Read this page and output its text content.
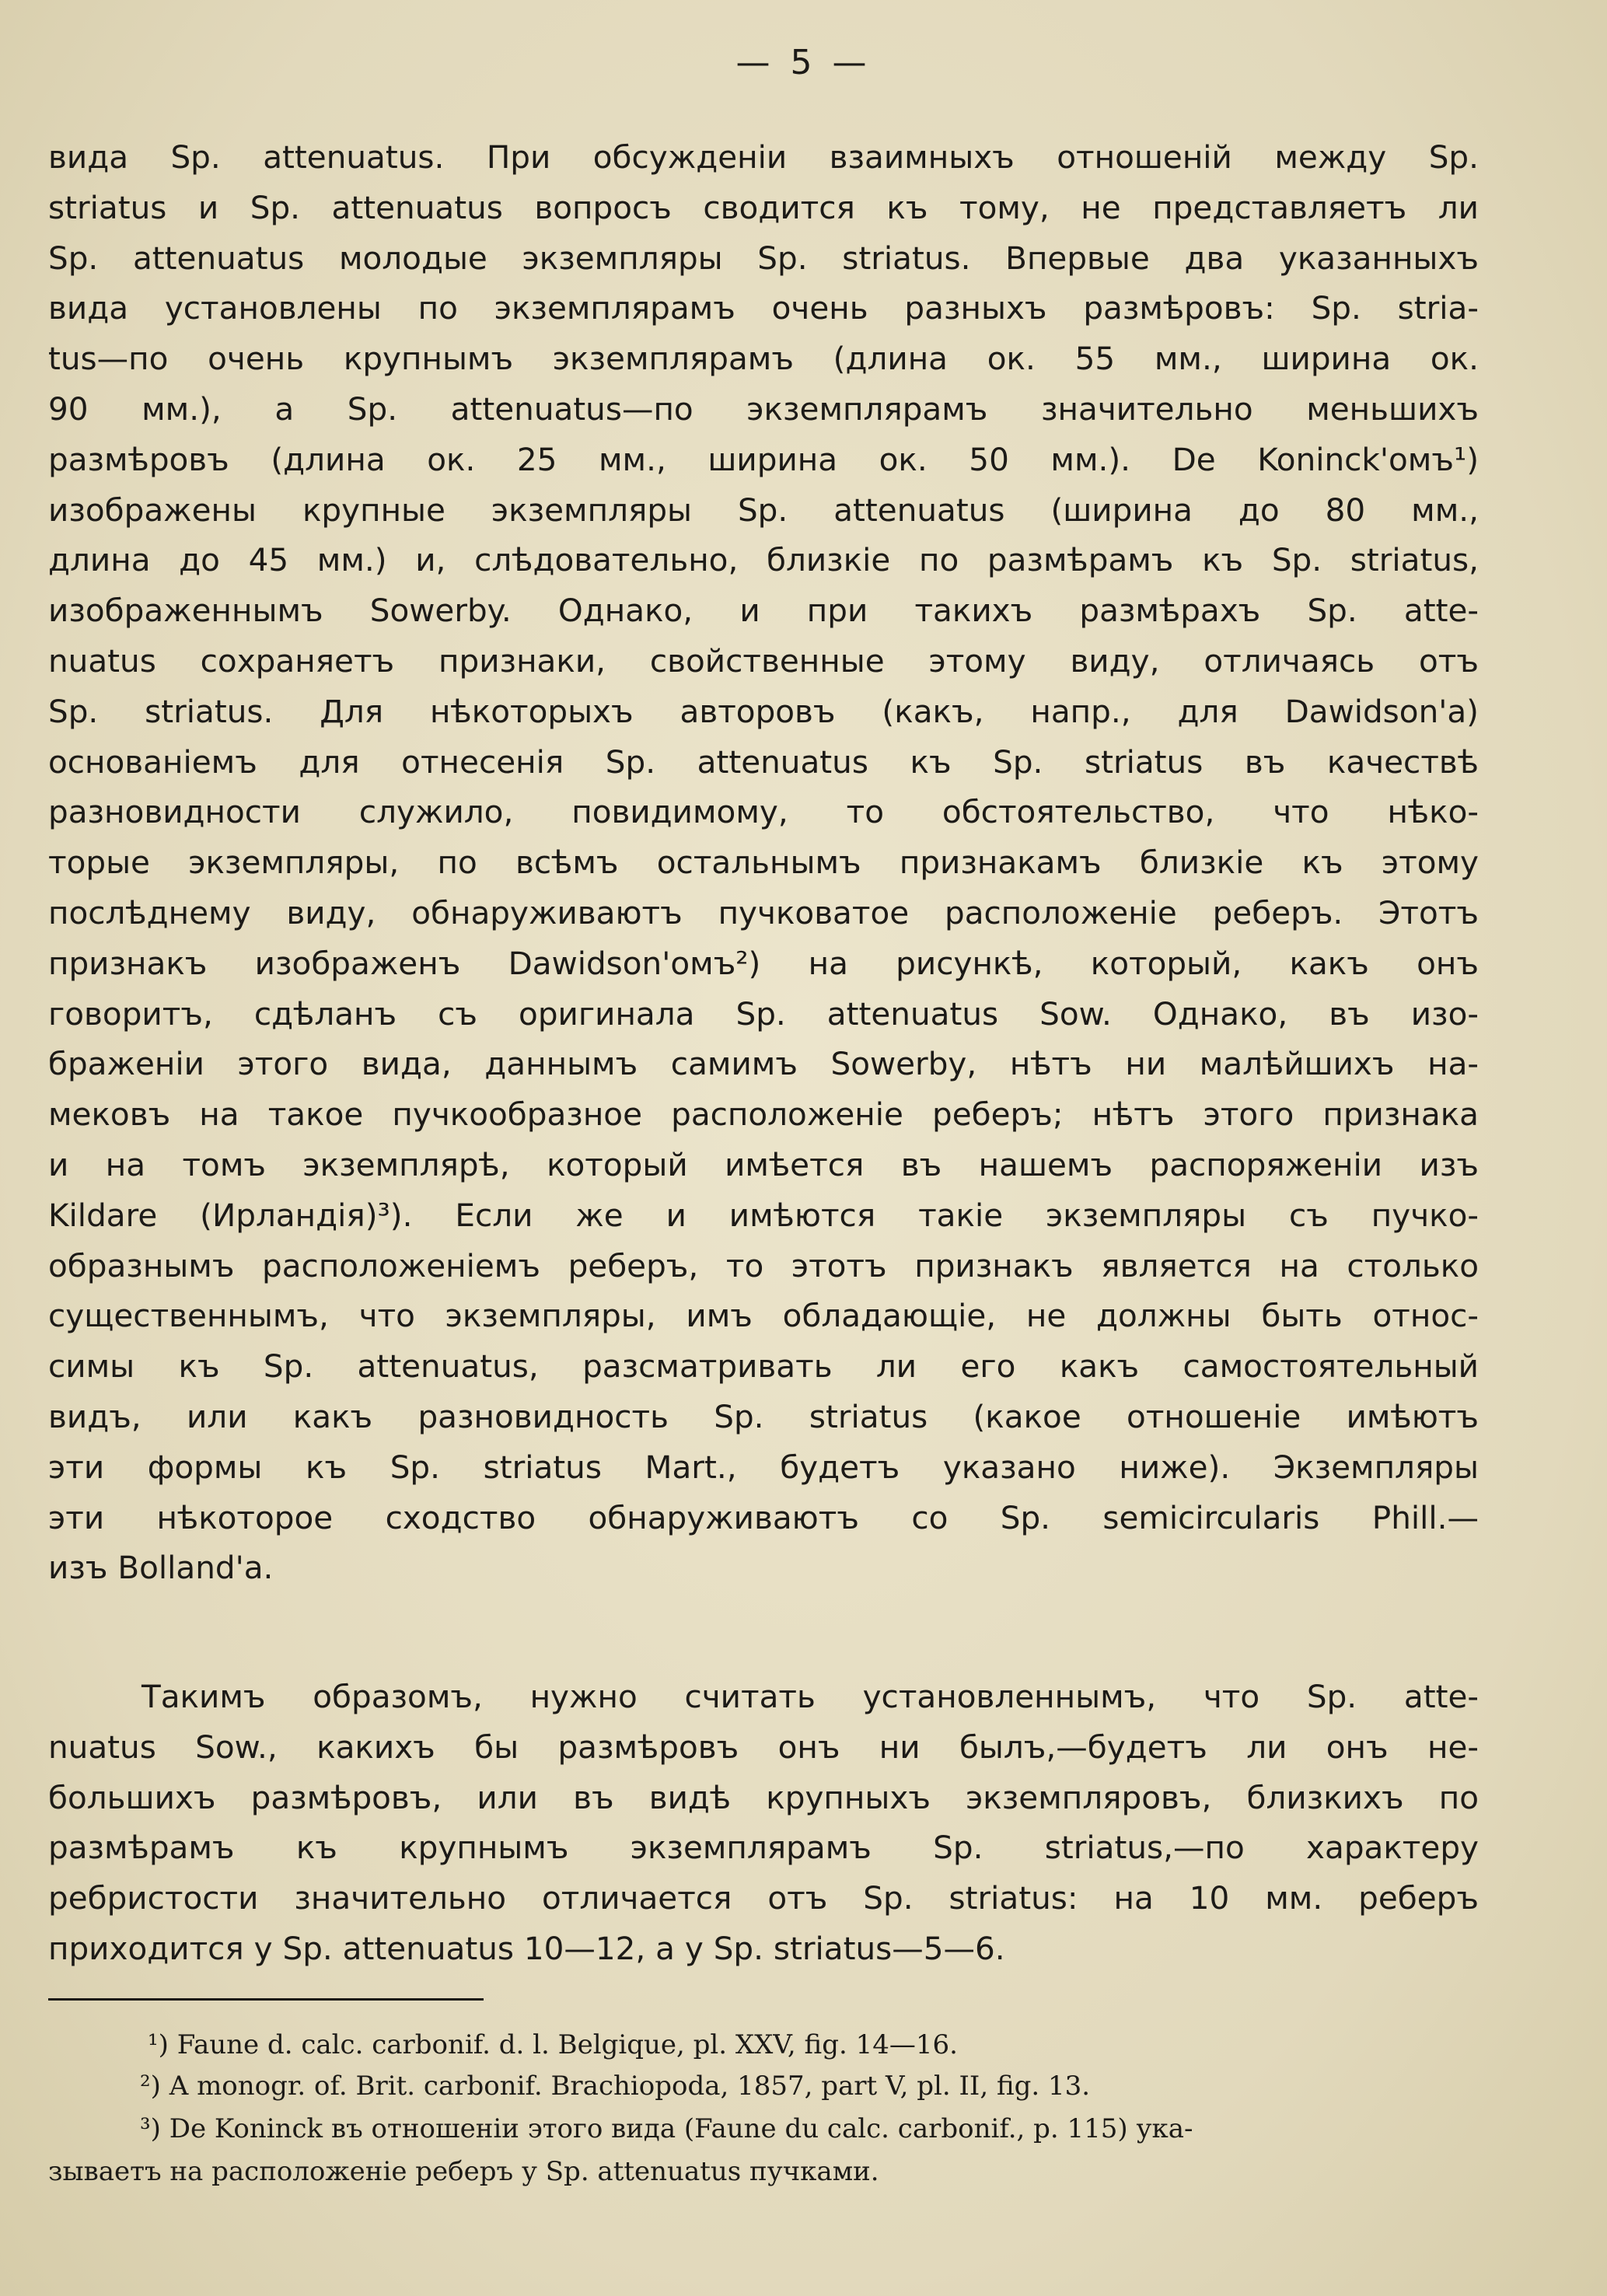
— 5 —
вида Sp. attenuatus. При обсужденіи взаимныхъ отношеній между Sp.
striatus и Sp. attenuatus вопросъ сводится къ тому, не представляетъ ли
Sp. attenuatus молодые экземпляры Sp. striatus. Впервые два указанныхъ
вида установлены по экземплярамъ очень разныхъ размѣровъ: Sp. stria-
tus—по очень крупнымъ экземплярамъ (длина ок. 55 мм., ширина ок.
90 мм.), а Sp. attenuatus—по экземплярамъ значительно меньшихъ
размѣровъ (длина ок. 25 мм., ширина ок. 50 мм.). De Koninck'омъ¹)
изображены крупные экземпляры Sp. attenuatus (ширина до 80 мм.,
длина до 45 мм.) и, слѣдовательно, близкіе по размѣрамъ къ Sp. striatus,
изображеннымъ Sowerby. Однако, и при такихъ размѣрахъ Sp. atte-
nuatus сохраняетъ признаки, свойственные этому виду, отличаясь отъ
Sp. striatus. Для нѣкоторыхъ авторовъ (какъ, напр., для Dawidson'a)
основаніемъ для отнесенія Sp. attenuatus къ Sp. striatus въ качествѣ
разновидности служило, повидимому, то обстоятельство, что нѣко-
торые экземпляры, по всѣмъ остальнымъ признакамъ близкіе къ этому
послѣднему виду, обнаруживаютъ пучковатое расположеніе реберъ. Этотъ
признакъ изображенъ Dawidson'омъ²) на рисункѣ, который, какъ онъ
говоритъ, сдѣланъ съ оригинала Sp. attenuatus Sow. Однако, въ изо-
браженіи этого вида, даннымъ самимъ Sowerby, нѣтъ ни малѣйшихъ на-
мековъ на такое пучкообразное расположеніе реберъ; нѣтъ этого признака
и на томъ экземплярѣ, который имѣется въ нашемъ распоряженіи изъ
Kildare (Ирландія)³). Если же и имѣются такіе экземпляры съ пучко-
образнымъ расположеніемъ реберъ, то этотъ признакъ является на столько
существеннымъ, что экземпляры, имъ обладающіе, не должны быть относ-
симы къ Sp. attenuatus, разсматривать ли его какъ самостоятельный
видъ, или какъ разновидность Sp. striatus (какое отношеніе имѣютъ
эти формы къ Sp. striatus Mart., будетъ указано ниже). Экземпляры
эти нѣкоторое сходство обнаруживаютъ со Sp. semicircularis Phill.—
изъ Bolland'a.
Такимъ образомъ, нужно считать установленнымъ, что Sp. atte-
nuatus Sow., какихъ бы размѣровъ онъ ни былъ,—будетъ ли онъ не-
большихъ размѣровъ, или въ видѣ крупныхъ экземпляровъ, близкихъ по
размѣрамъ къ крупнымъ экземплярамъ Sp. striatus,—по характеру
ребристости значительно отличается отъ Sp. striatus: на 10 мм. реберъ
приходится у Sp. attenuatus 10—12, а у Sp. striatus—5—6.

¹) Faune d. calc. carbonif. d. l. Belgique, pl. XXV, fig. 14—16.

²) A monogr. of. Brit. carbonif. Brachiopoda, 1857, part V, pl. II, fig. 13.

³) De Koninck въ отношеніи этого вида (Faune du calc. carbonif., p. 115) ука-

зываетъ на расположеніе реберъ у Sp. attenuatus пучками.
